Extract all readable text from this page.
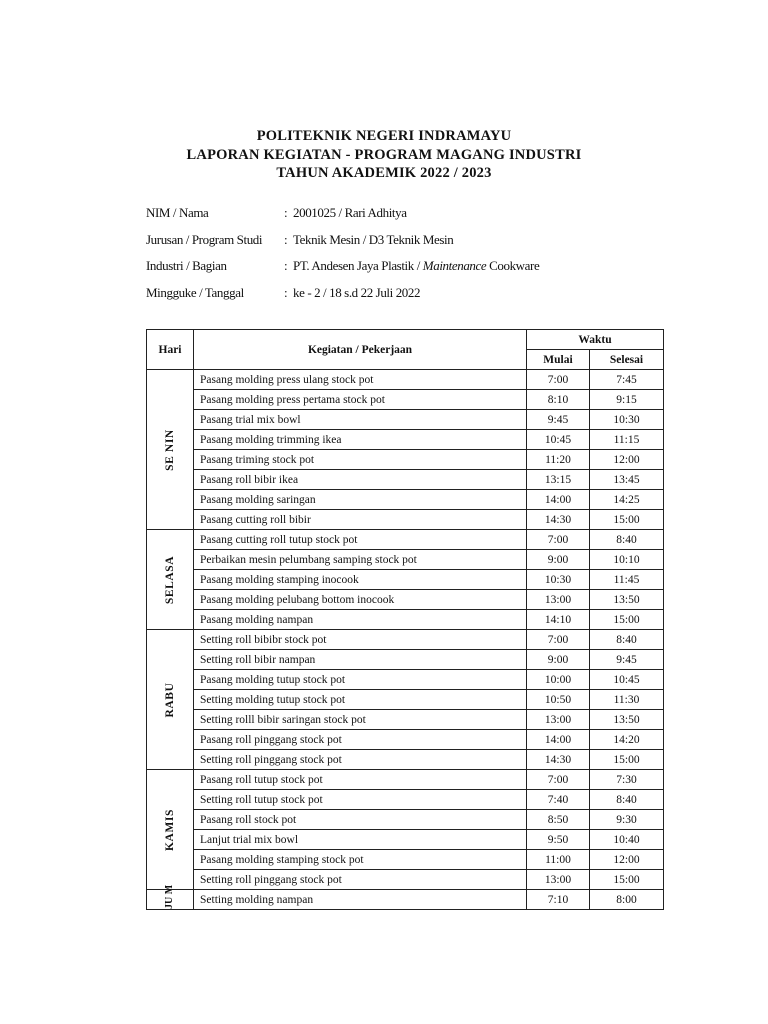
POLITEKNIK NEGERI INDRAMAYU
LAPORAN KEGIATAN - PROGRAM MAGANG INDUSTRI
TAHUN AKADEMIK 2022 / 2023
NIM / Nama	: 2001025 / Rari Adhitya
Jurusan / Program Studi : Teknik Mesin / D3 Teknik Mesin
Industri / Bagian	: PT. Andesen Jaya Plastik / Maintenance Cookware
Mingguke / Tanggal	: ke - 2 / 18 s.d 22 Juli 2022
Hari	Kegiatan / Pekerjaan	Waktu	
		Mulai	Selesai

SE NIN	Pasang molding press ulang stock pot	7:00	7:45
	Pasang molding press pertama stock pot	8:10	9:15
	Pasang trial mix bowl	9:45	10:30
	Pasang molding trimming ikea	10:45	11:15
	Pasang triming stock pot	11:20	12:00
	Pasang roll bibir ikea	13:15	13:45
	Pasang molding saringan	14:00	14:25
	Pasang cutting roll bibir	14:30	15:00

SELASA	Pasang cutting roll tutup stock pot	7:00	8:40
	Perbaikan mesin pelumbang samping stock pot	9:00	10:10
	Pasang molding stamping inocook	10:30	11:45
	Pasang molding pelubang bottom inocook	13:00	13:50
	Pasang molding nampan	14:10	15:00

RABU	Setting roll bibibr stock pot	7:00	8:40
	Setting roll bibir nampan	9:00	9:45
	Pasang molding tutup stock pot	10:00	10:45
	Setting molding tutup stock pot	10:50	11:30
	Setting rolll bibir saringan stock pot	13:00	13:50
	Pasang roll pinggang stock pot	14:00	14:20
	Setting roll pinggang stock pot	14:30	15:00

KAMIS	Pasang roll tutup stock pot	7:00	7:30
	Setting roll tutup stock pot	7:40	8:40
	Pasang roll stock pot	8:50	9:30
	Lanjut trial mix bowl	9:50	10:40
	Pasang molding stamping stock pot	11:00	12:00
	Setting roll pinggang stock pot	13:00	15:00

JU M	Setting molding nampan	7:10	8:00
